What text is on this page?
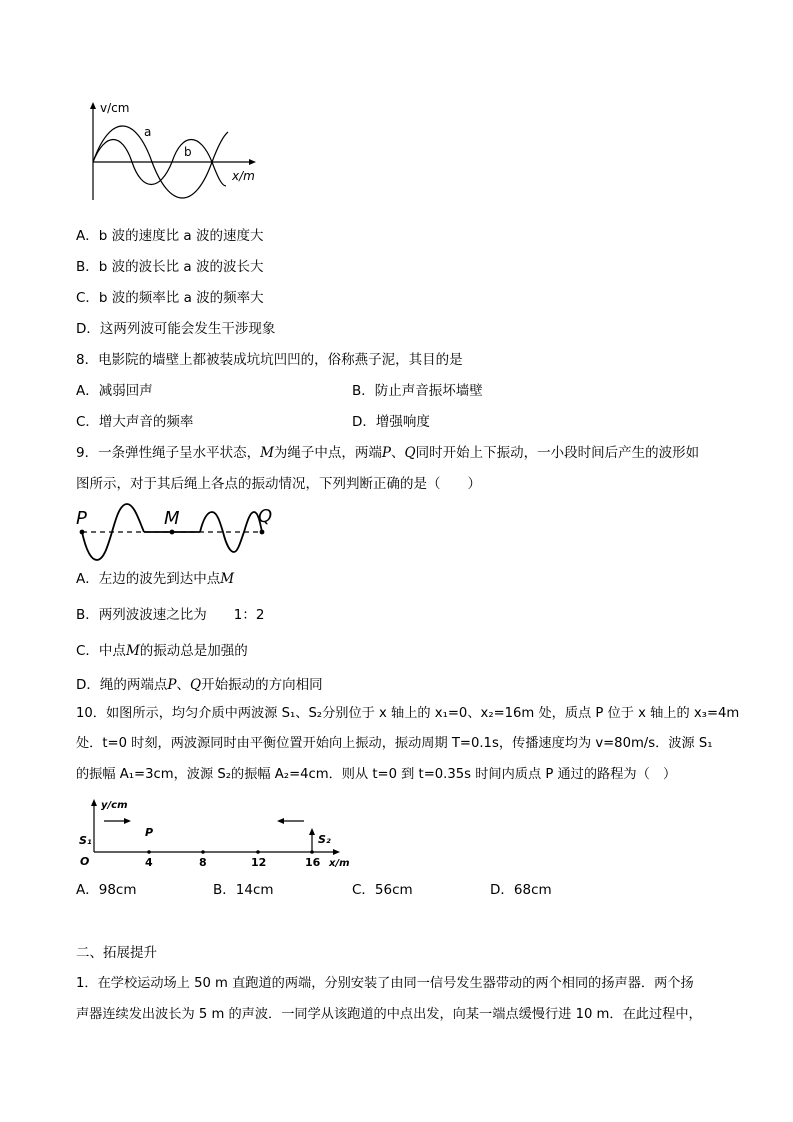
v/cm
a
b
x/m
A．b 波的速度比 a 波的速度大
B．b 波的波长比 a 波的波长大
C．b 波的频率比 a 波的频率大
D．这两列波可能会发生干涉现象
8．电影院的墙壁上都被装成坑坑凹凹的，俗称燕子泥，其目的是
A．减弱回声	B．防止声音振坏墙壁
C．增大声音的频率	D．增强响度
9．一条弹性绳子呈水平状态，M为绳子中点，两端P、Q同时开始上下振动，一小段时间后产生的波形如
图所示，对于其后绳上各点的振动情况，下列判断正确的是（　　）
P	M	Q
A．左边的波先到达中点M
B．两列波波速之比为　　1：2
C．中点M的振动总是加强的
D．绳的两端点P、Q开始振动的方向相同
10．如图所示，均匀介质中两波源 S₁、S₂分别位于 x 轴上的 x₁=0、x₂=16m 处，质点 P 位于 x 轴上的 x₃=4m
处．t=0 时刻，两波源同时由平衡位置开始向上振动，振动周期 T=0.1s，传播速度均为 v=80m/s．波源 S₁
的振幅 A₁=3cm，波源 S₂的振幅 A₂=4cm．则从 t=0 到 t=0.35s 时间内质点 P 通过的路程为（　）
y/cm
S₁	S₂
P
O	4	8	12	16 x/m
A．98cm	B．14cm	C．56cm	D．68cm
二、拓展提升
1．在学校运动场上 50 m 直跑道的两端，分别安装了由同一信号发生器带动的两个相同的扬声器．两个扬
声器连续发出波长为 5 m 的声波．一同学从该跑道的中点出发，向某一端点缓慢行进 10 m．在此过程中，
